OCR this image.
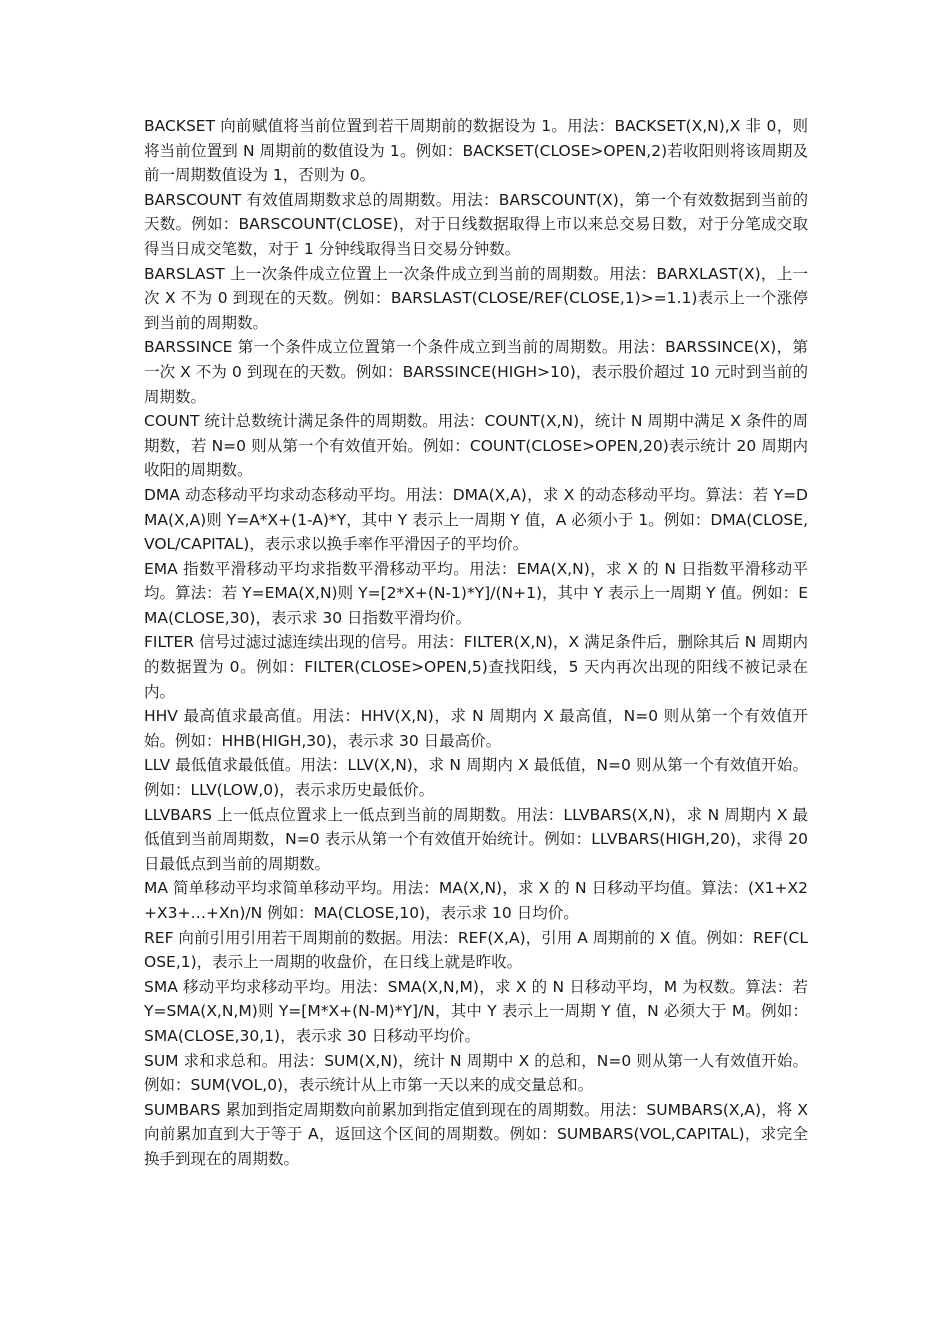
BACKSET 向前赋值将当前位置到若干周期前的数据设为 1。用法：BACKSET(X,N),X 非 0，则将当前位置到 N 周期前的数值设为 1。例如：BACKSET(CLOSE>OPEN,2)若收阳则将该周期及前一周期数值设为 1，否则为 0。

BARSCOUNT 有效值周期数求总的周期数。用法：BARSCOUNT(X)，第一个有效数据到当前的天数。例如：BARSCOUNT(CLOSE)，对于日线数据取得上市以来总交易日数，对于分笔成交取得当日成交笔数，对于 1 分钟线取得当日交易分钟数。

BARSLAST 上一次条件成立位置上一次条件成立到当前的周期数。用法：BARXLAST(X)，上一次 X 不为 0 到现在的天数。例如：BARSLAST(CLOSE/REF(CLOSE,1)>=1.1)表示上一个涨停到当前的周期数。

BARSSINCE 第一个条件成立位置第一个条件成立到当前的周期数。用法：BARSSINCE(X)，第一次 X 不为 0 到现在的天数。例如：BARSSINCE(HIGH>10)，表示股价超过 10 元时到当前的周期数。

COUNT 统计总数统计满足条件的周期数。用法：COUNT(X,N)，统计 N 周期中满足 X 条件的周期数，若 N=0 则从第一个有效值开始。例如：COUNT(CLOSE>OPEN,20)表示统计 20 周期内收阳的周期数。

DMA 动态移动平均求动态移动平均。用法：DMA(X,A)，求 X 的动态移动平均。算法：若 Y=DMA(X,A)则 Y=A*X+(1-A)*Y，其中 Y 表示上一周期 Y 值，A 必须小于 1。例如：DMA(CLOSE,VOL/CAPITAL)，表示求以换手率作平滑因子的平均价。

EMA 指数平滑移动平均求指数平滑移动平均。用法：EMA(X,N)，求 X 的 N 日指数平滑移动平均。算法：若 Y=EMA(X,N)则 Y=[2*X+(N-1)*Y]/(N+1)，其中 Y 表示上一周期 Y 值。例如：EMA(CLOSE,30)，表示求 30 日指数平滑均价。

FILTER 信号过滤过滤连续出现的信号。用法：FILTER(X,N)，X 满足条件后，删除其后 N 周期内的数据置为 0。例如：FILTER(CLOSE>OPEN,5)查找阳线，5 天内再次出现的阳线不被记录在内。

HHV 最高值求最高值。用法：HHV(X,N)，求 N 周期内 X 最高值，N=0 则从第一个有效值开始。例如：HHB(HIGH,30)，表示求 30 日最高价。

LLV 最低值求最低值。用法：LLV(X,N)，求 N 周期内 X 最低值，N=0 则从第一个有效值开始。例如：LLV(LOW,0)，表示求历史最低价。

LLVBARS 上一低点位置求上一低点到当前的周期数。用法：LLVBARS(X,N)，求 N 周期内 X 最低值到当前周期数，N=0 表示从第一个有效值开始统计。例如：LLVBARS(HIGH,20)，求得 20 日最低点到当前的周期数。

MA 简单移动平均求简单移动平均。用法：MA(X,N)，求 X 的 N 日移动平均值。算法：(X1+X2+X3+…+Xn)/N 例如：MA(CLOSE,10)，表示求 10 日均价。

REF 向前引用引用若干周期前的数据。用法：REF(X,A)，引用 A 周期前的 X 值。例如：REF(CLOSE,1)，表示上一周期的收盘价，在日线上就是昨收。

SMA 移动平均求移动平均。用法：SMA(X,N,M)，求 X 的 N 日移动平均，M 为权数。算法：若 Y=SMA(X,N,M)则 Y=[M*X+(N-M)*Y]/N，其中 Y 表示上一周期 Y 值，N 必须大于 M。例如：SMA(CLOSE,30,1)，表示求 30 日移动平均价。

SUM 求和求总和。用法：SUM(X,N)，统计 N 周期中 X 的总和，N=0 则从第一人有效值开始。例如：SUM(VOL,0)，表示统计从上市第一天以来的成交量总和。

SUMBARS 累加到指定周期数向前累加到指定值到现在的周期数。用法：SUMBARS(X,A)，将 X 向前累加直到大于等于 A，返回这个区间的周期数。例如：SUMBARS(VOL,CAPITAL)，求完全换手到现在的周期数。
